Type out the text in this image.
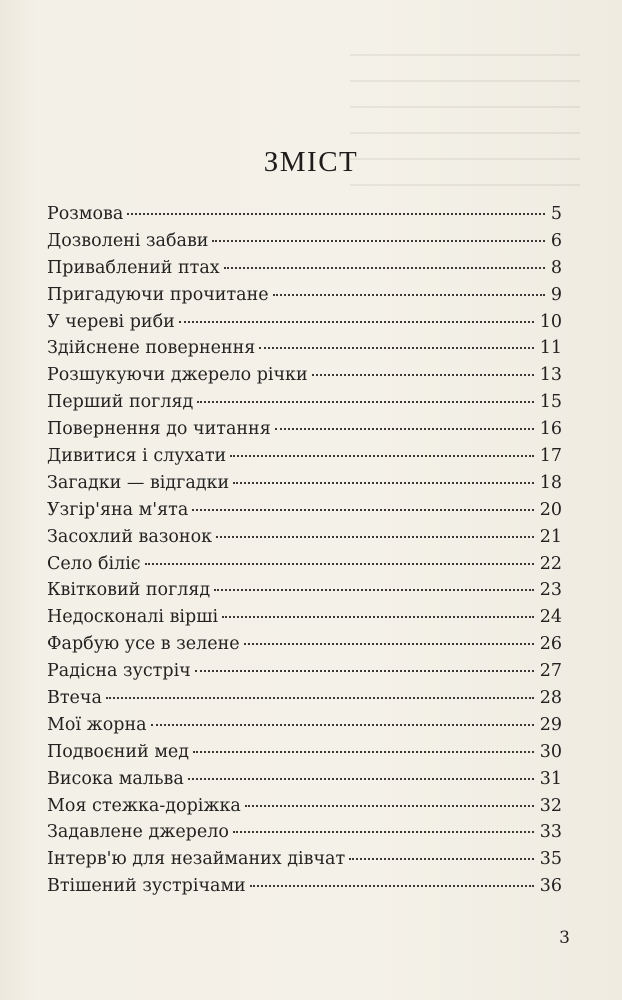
ЗМІСТ
Розмова	5
Дозволені забави	6
Приваблений птах	8
Пригадуючи прочитане	9
У череві риби	10
Здійснене повернення	11
Розшукуючи джерело річки	13
Перший погляд	15
Повернення до читання	16
Дивитися і слухати	17
Загадки — відгадки	18
Узгір'яна м'ята	20
Засохлий вазонок	21
Село біліє	22
Квітковий погляд	23
Недосконалі вірші	24
Фарбую усе в зелене	26
Радісна зустріч	27
Втеча	28
Мої жорна	29
Подвоєний мед	30
Висока мальва	31
Моя стежка-доріжка	32
Задавлене джерело	33
Інтерв'ю для незайманих дівчат	35
Втішений зустрічами	36
3
